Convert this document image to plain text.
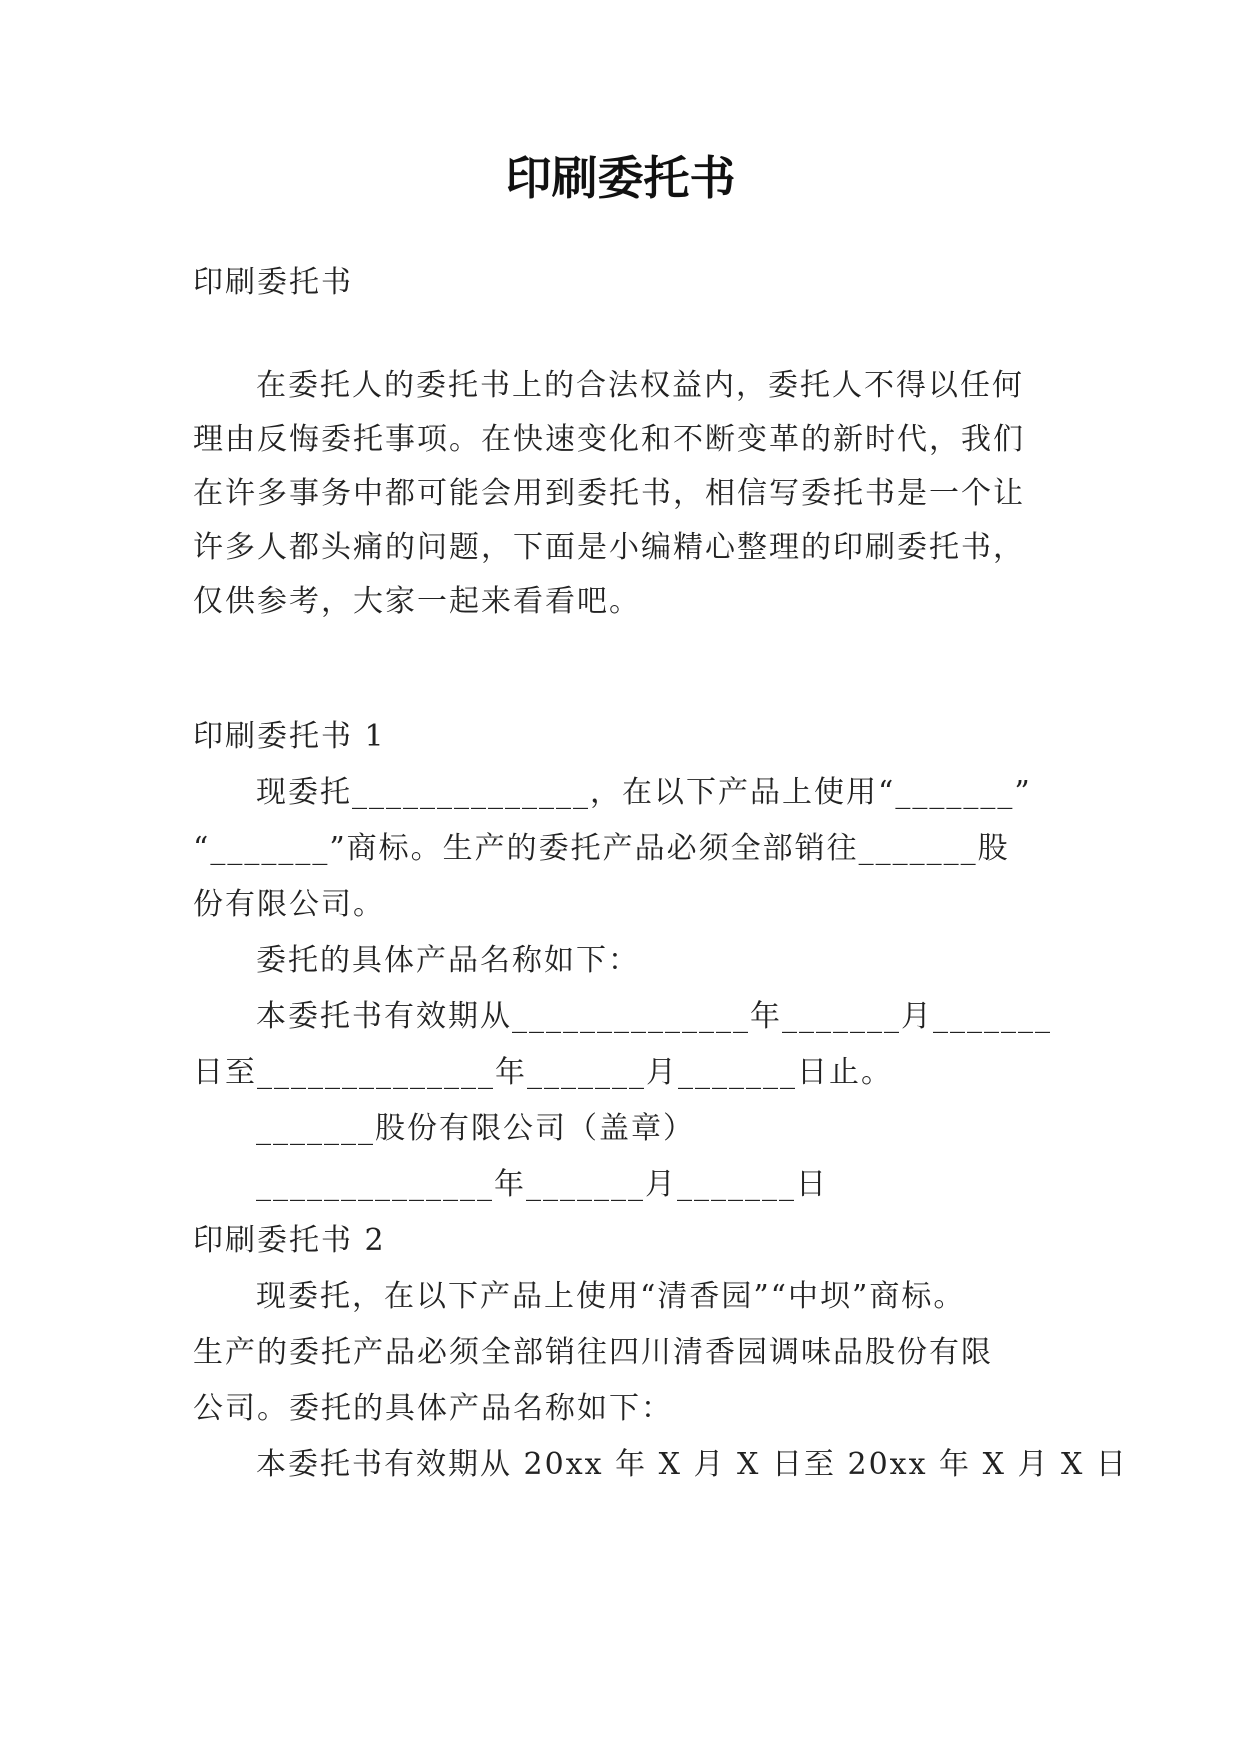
印刷委托书
印刷委托书
在委托人的委托书上的合法权益内，委托人不得以任何
理由反悔委托事项。在快速变化和不断变革的新时代，我们
在许多事务中都可能会用到委托书，相信写委托书是一个让
许多人都头痛的问题，下面是小编精心整理的印刷委托书，
仅供参考，大家一起来看看吧。
印刷委托书 1
现委托______________，在以下产品上使用“_______”
“_______”商标。生产的委托产品必须全部销往_______股
份有限公司。
委托的具体产品名称如下：
本委托书有效期从______________年_______月_______
日至______________年_______月_______日止。
_______股份有限公司（盖章）
______________年_______月_______日
印刷委托书 2
现委托，在以下产品上使用“清香园”“中坝”商标。
生产的委托产品必须全部销往四川清香园调味品股份有限
公司。委托的具体产品名称如下：
本委托书有效期从 20xx 年 X 月 X 日至 20xx 年 X 月 X 日
